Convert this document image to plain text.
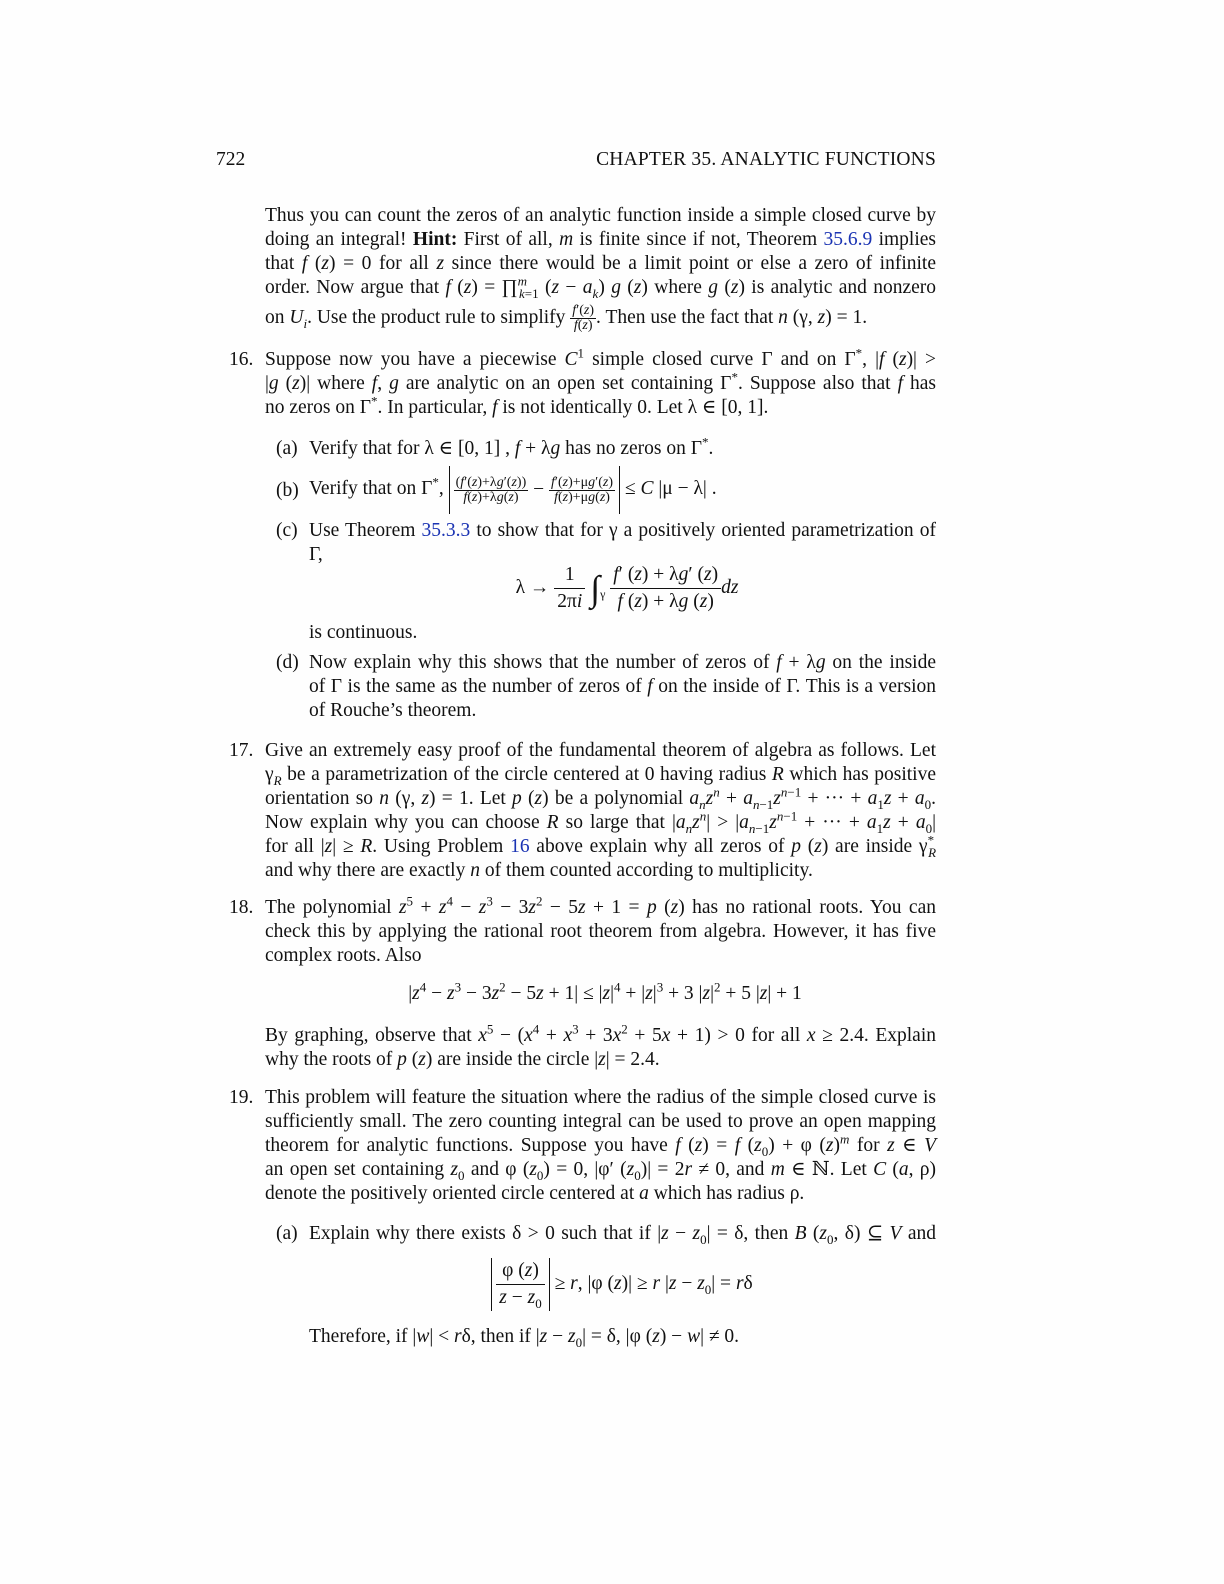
722	CHAPTER 35. ANALYTIC FUNCTIONS
Thus you can count the zeros of an analytic function inside a simple closed curve by
doing an integral! Hint: First of all, m is finite since if not, Theorem 35.6.9 implies
that f (z) = 0 for all z since there would be a limit point or else a zero of infinite
order. Now argue that f (z) = ∏$^m_{k=1}$ $(z - a_k)$ g (z) where g (z) is analytic and nonzero
on $U_i$. Use the product rule to simplify $\frac{f'(z)}{f(z)}$ . Then use the fact that n (γ, z) = 1.
16. Suppose now you have a piecewise $C^1$ simple closed curve Γ and on Γ*, |f (z)| >
|g (z)| where f, g are analytic on an open set containing Γ*. Suppose also that f has
no zeros on Γ*. In particular, f is not identically 0. Let λ ∈ [0, 1].
(a) Verify that for λ ∈ [0, 1] , f + λg has no zeros on Γ*.
(b) Verify that on Γ*, $\frac{(f'(z)+\lambda g'(z))}{f(z)+\lambda g(z)} - \frac{f'(z)+\mu g'(z)}{f(z)+\mu g(z)} \le C$ |μ − λ| .
(c) Use Theorem 35.3.3 to show that for γ a positively oriented parametrization of
Γ,
$\lambda \to \frac{1}{2\pi i} \int_\gamma \frac{f' (z) + \lambda g' (z)}{f (z) + \lambda g (z)}$ dz
is continuous.
(d) Now explain why this shows that the number of zeros of f + λg on the inside
of Γ is the same as the number of zeros of f on the inside of Γ. This is a version
of Rouche’s theorem.
17. Give an extremely easy proof of the fundamental theorem of algebra as follows. Let
$\gamma_R$ be a parametrization of the circle centered at 0 having radius R which has positive
orientation so n (γ, z) = 1. Let p (z) be a polynomial $a_nz^n + a_{n-1}z^{n-1}$ + ··· + $a_1z + a_0$.
Now explain why you can choose R so large that $|a_nz^n| > |a_{n-1}z^{n-1}$ + ··· + $a_1z + a_0|$
for all |z| ≥ R. Using Problem 16 above explain why all zeros of p (z) are inside $\gamma^*_R$
and why there are exactly n of them counted according to multiplicity.
18. The polynomial $z^5 + z^4 - z^3 - 3z^2 - 5z + 1 = p$ (z) has no rational roots. You can
check this by applying the rational root theorem from algebra. However, it has five
complex roots. Also
$|z^4 - z^3 - 3z^2 - 5z + 1| \le |z|^4 + |z|^3 + 3$ $|z|^2 + 5$ |z| + 1
By graphing, observe that $x^5 - (x^4 + x^3 + 3x^2 + 5x + 1) > 0$ for all x ≥ 2.4. Explain
why the roots of p (z) are inside the circle |z| = 2.4.
19. This problem will feature the situation where the radius of the simple closed curve is
sufficiently small. The zero counting integral can be used to prove an open mapping
theorem for analytic functions. Suppose you have f (z) = f $(z_0) + \varphi$ $(z)^m$ for z ∈ V
an open set containing $z_0$ and φ $(z_0) = 0$, |φ′ $(z_0)| = 2r \ne 0$, and m ∈ ℕ. Let C (a, ρ)
denote the positively oriented circle centered at a which has radius ρ.
(a) Explain why there exists δ > 0 such that if $|z - z_0| = \delta$, then B ($z_0$, δ) ⊆ V and
$\frac{\varphi (z)}{z - z_0} \ge r$, |φ (z)| ≥ r $|z - z_0| = r\delta$
Therefore, if |w| < rδ, then if $|z - z_0| = \delta$, |φ (z) − w| ≠ 0.
